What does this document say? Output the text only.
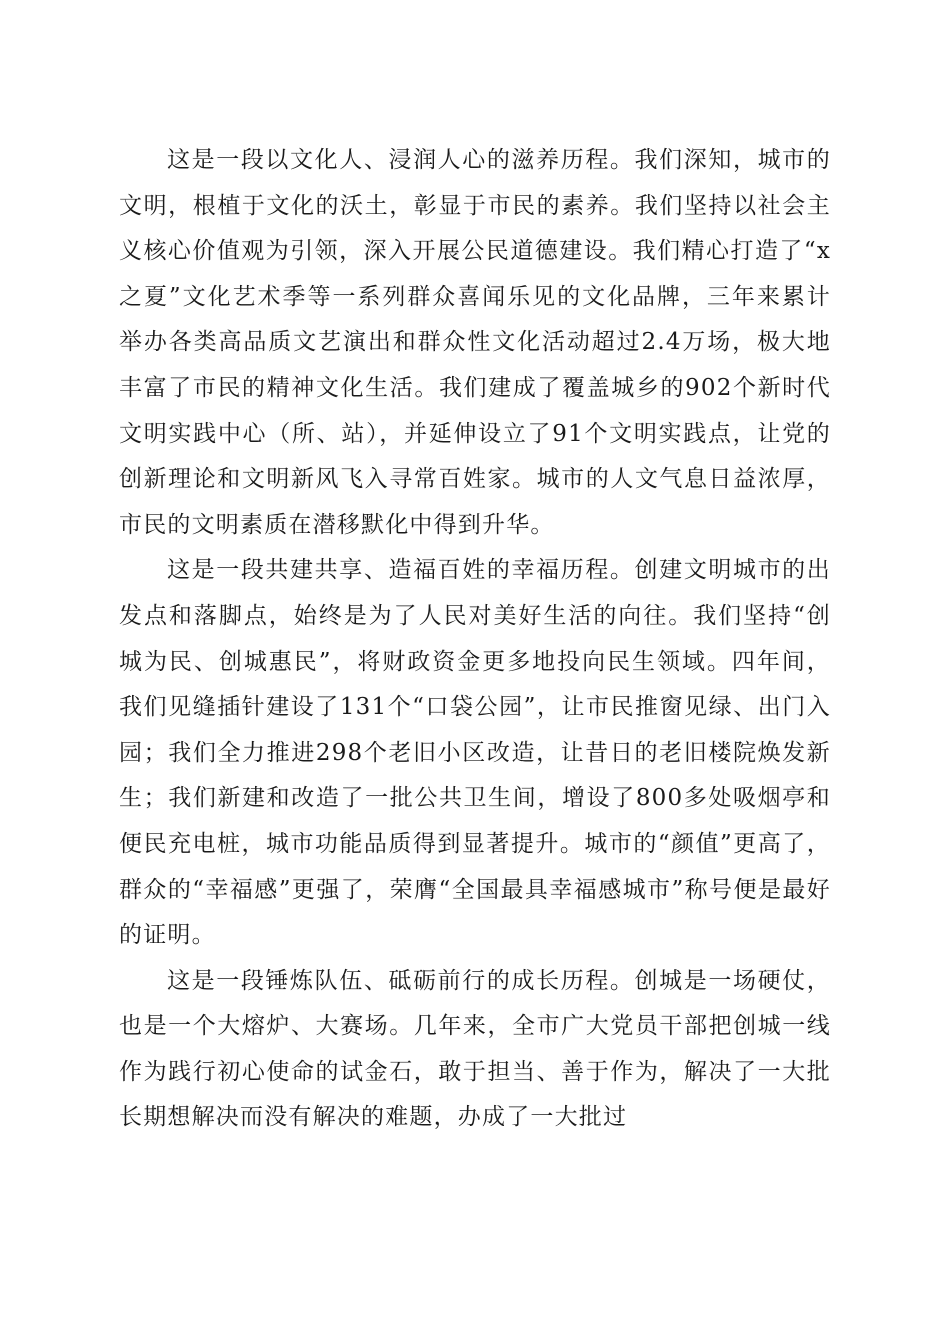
这是一段以文化人、浸润人心的滋养历程。我们深知，城市的文明，根植于文化的沃土，彰显于市民的素养。我们坚持以社会主义核心价值观为引领，深入开展公民道德建设。我们精心打造了“x之夏”文化艺术季等一系列群众喜闻乐见的文化品牌，三年来累计举办各类高品质文艺演出和群众性文化活动超过2.4万场，极大地丰富了市民的精神文化生活。我们建成了覆盖城乡的902个新时代文明实践中心（所、站），并延伸设立了91个文明实践点，让党的创新理论和文明新风飞入寻常百姓家。城市的人文气息日益浓厚，市民的文明素质在潜移默化中得到升华。

这是一段共建共享、造福百姓的幸福历程。创建文明城市的出发点和落脚点，始终是为了人民对美好生活的向往。我们坚持“创城为民、创城惠民”，将财政资金更多地投向民生领域。四年间，我们见缝插针建设了131个“口袋公园”，让市民推窗见绿、出门入园；我们全力推进298个老旧小区改造，让昔日的老旧楼院焕发新生；我们新建和改造了一批公共卫生间，增设了800多处吸烟亭和便民充电桩，城市功能品质得到显著提升。城市的“颜值”更高了，群众的“幸福感”更强了，荣膺“全国最具幸福感城市”称号便是最好的证明。

这是一段锤炼队伍、砥砺前行的成长历程。创城是一场硬仗，也是一个大熔炉、大赛场。几年来，全市广大党员干部把创城一线作为践行初心使命的试金石，敢于担当、善于作为，解决了一大批长期想解决而没有解决的难题，办成了一大批过
